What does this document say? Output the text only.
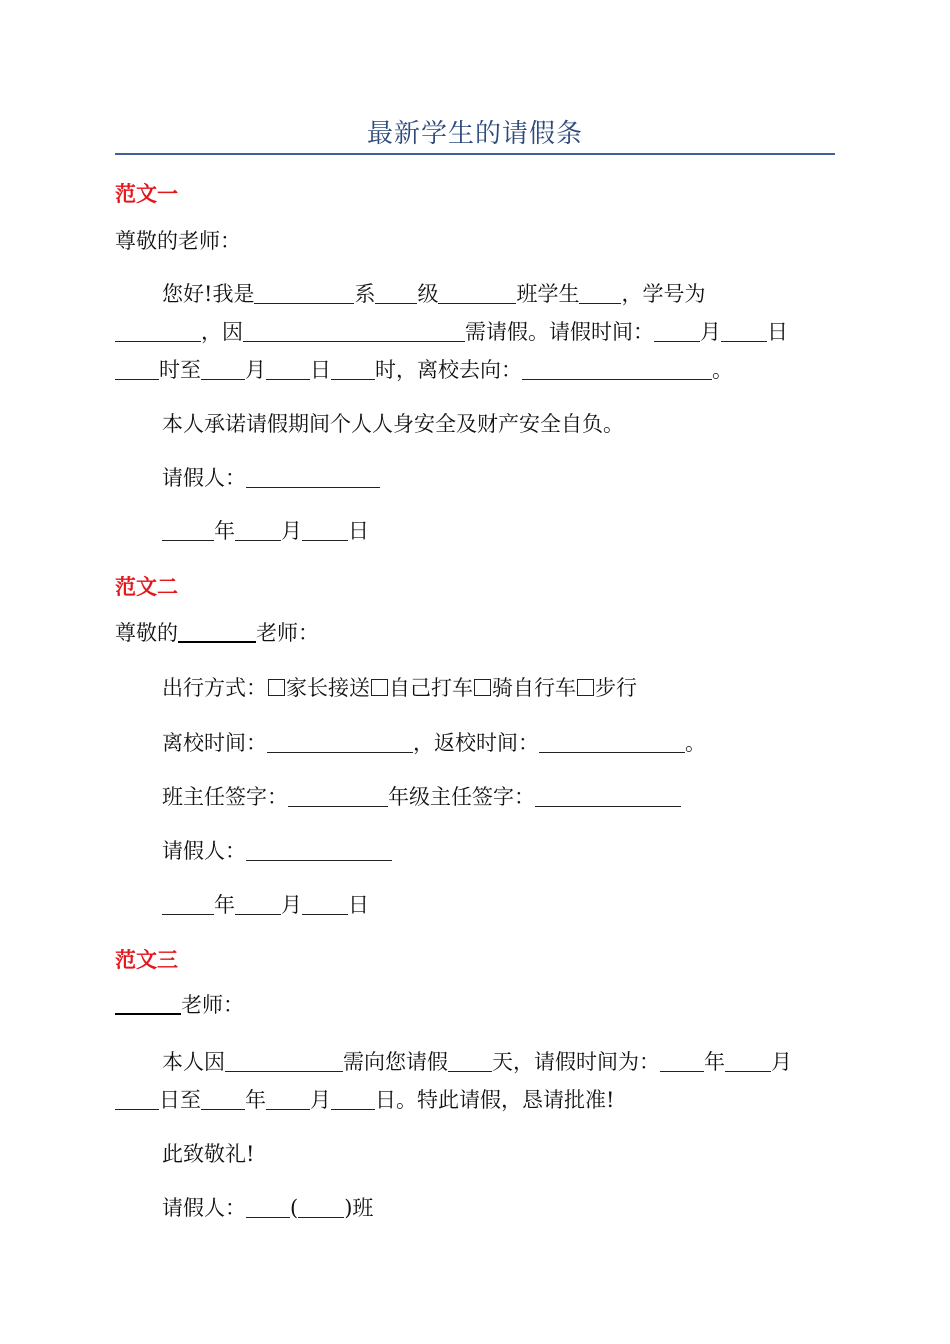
最新学生的请假条
范文一
尊敬的老师：
您好!我是	系 级	班学生 ，学号为
，因	需请假。请假时间： 月 日
时至 月 日 时，离校去向：	。
本人承诺请假期间个人人身安全及财产安全自负。
请假人：
年 月 日
范文二
尊敬的	老师：
出行方式： 家长接送 自己打车 骑自行车 步行
离校时间：	，返校时间：	。
班主任签字：	年级主任签字：
请假人：
年 月 日
范文三
老师：
本人因	需向您请假 天，请假时间为： 年 月
日至 年 月 日。特此请假，恳请批准!
此致敬礼!
请假人： ( )班
